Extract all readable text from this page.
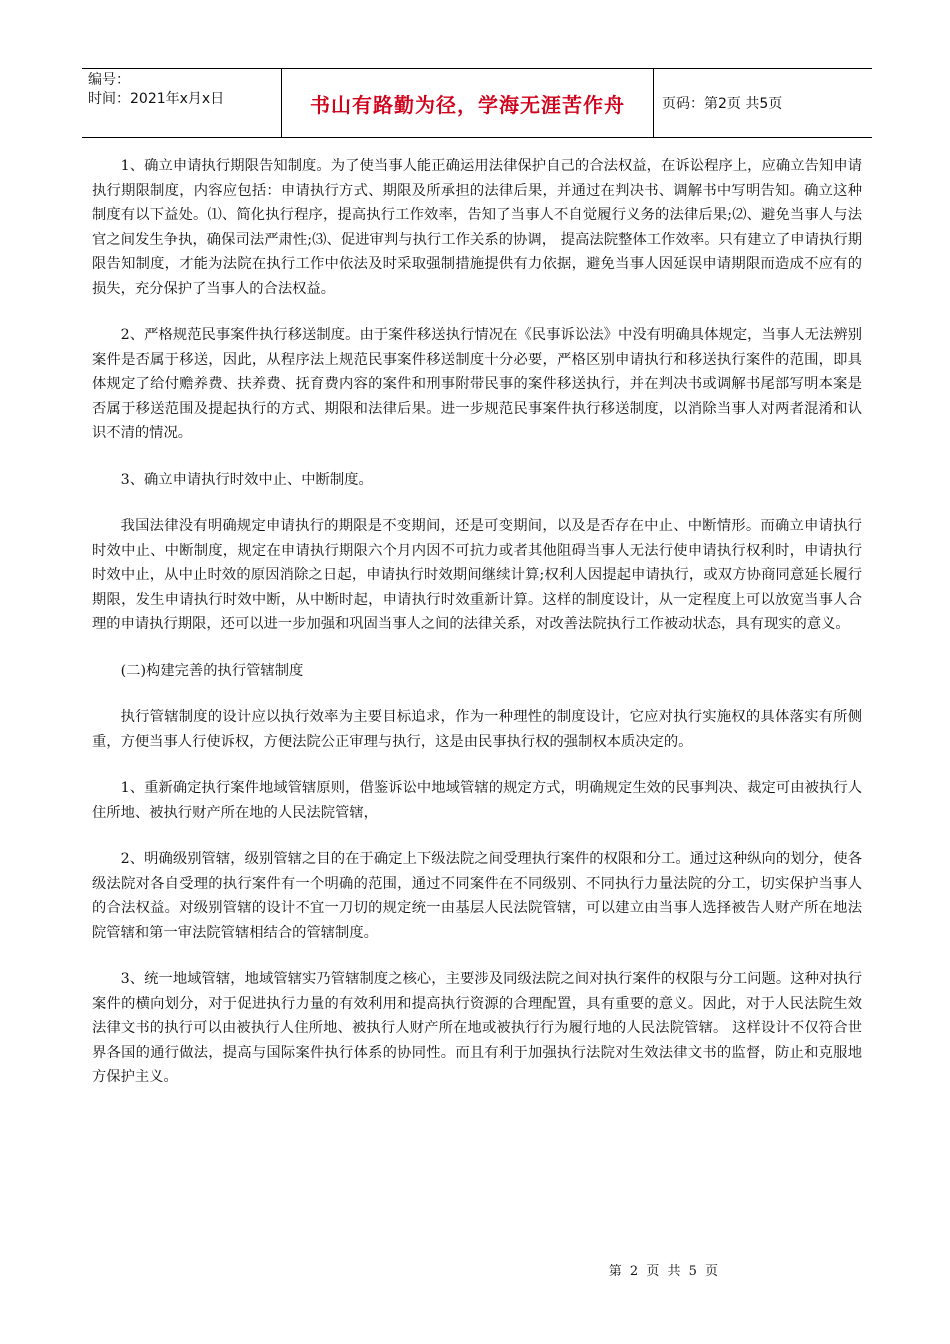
编号：
时间：2021年x月x日	书山有路勤为径，学海无涯苦作舟	页码：第2页 共5页

1、确立申请执行期限告知制度。为了使当事人能正确运用法律保护自己的合法权益，在诉讼程序上，应确立告知申请执行期限制度，内容应包括：申请执行方式、期限及所承担的法律后果，并通过在判决书、调解书中写明告知。确立这种制度有以下益处。⑴、简化执行程序，提高执行工作效率，告知了当事人不自觉履行义务的法律后果;⑵、避免当事人与法官之间发生争执，确保司法严肃性;⑶、促进审判与执行工作关系的协调， 提高法院整体工作效率。只有建立了申请执行期限告知制度，才能为法院在执行工作中依法及时采取强制措施提供有力依据，避免当事人因延误申请期限而造成不应有的损失，充分保护了当事人的合法权益。

2、严格规范民事案件执行移送制度。由于案件移送执行情况在《民事诉讼法》中没有明确具体规定，当事人无法辨别案件是否属于移送，因此，从程序法上规范民事案件移送制度十分必要，严格区别申请执行和移送执行案件的范围，即具体规定了给付赡养费、扶养费、抚育费内容的案件和刑事附带民事的案件移送执行，并在判决书或调解书尾部写明本案是否属于移送范围及提起执行的方式、期限和法律后果。进一步规范民事案件执行移送制度，以消除当事人对两者混淆和认识不清的情况。

3、确立申请执行时效中止、中断制度。

我国法律没有明确规定申请执行的期限是不变期间，还是可变期间，以及是否存在中止、中断情形。而确立申请执行时效中止、中断制度，规定在申请执行期限六个月内因不可抗力或者其他阻碍当事人无法行使申请执行权利时，申请执行时效中止，从中止时效的原因消除之日起，申请执行时效期间继续计算;权利人因提起申请执行，或双方协商同意延长履行期限，发生申请执行时效中断，从中断时起，申请执行时效重新计算。这样的制度设计，从一定程度上可以放宽当事人合理的申请执行期限，还可以进一步加强和巩固当事人之间的法律关系，对改善法院执行工作被动状态，具有现实的意义。

(二)构建完善的执行管辖制度

执行管辖制度的设计应以执行效率为主要目标追求，作为一种理性的制度设计，它应对执行实施权的具体落实有所侧重，方便当事人行使诉权，方便法院公正审理与执行，这是由民事执行权的强制权本质决定的。

1、重新确定执行案件地域管辖原则，借鉴诉讼中地域管辖的规定方式，明确规定生效的民事判决、裁定可由被执行人住所地、被执行财产所在地的人民法院管辖，

2、明确级别管辖，级别管辖之目的在于确定上下级法院之间受理执行案件的权限和分工。通过这种纵向的划分，使各级法院对各自受理的执行案件有一个明确的范围，通过不同案件在不同级别、不同执行力量法院的分工，切实保护当事人的合法权益。对级别管辖的设计不宜一刀切的规定统一由基层人民法院管辖，可以建立由当事人选择被告人财产所在地法院管辖和第一审法院管辖相结合的管辖制度。

3、统一地域管辖，地域管辖实乃管辖制度之核心，主要涉及同级法院之间对执行案件的权限与分工问题。这种对执行案件的横向划分，对于促进执行力量的有效利用和提高执行资源的合理配置，具有重要的意义。因此，对于人民法院生效法律文书的执行可以由被执行人住所地、被执行人财产所在地或被执行行为履行地的人民法院管辖。 这样设计不仅符合世界各国的通行做法，提高与国际案件执行体系的协同性。而且有利于加强执行法院对生效法律文书的监督，防止和克服地方保护主义。

第 2 页 共 5 页
